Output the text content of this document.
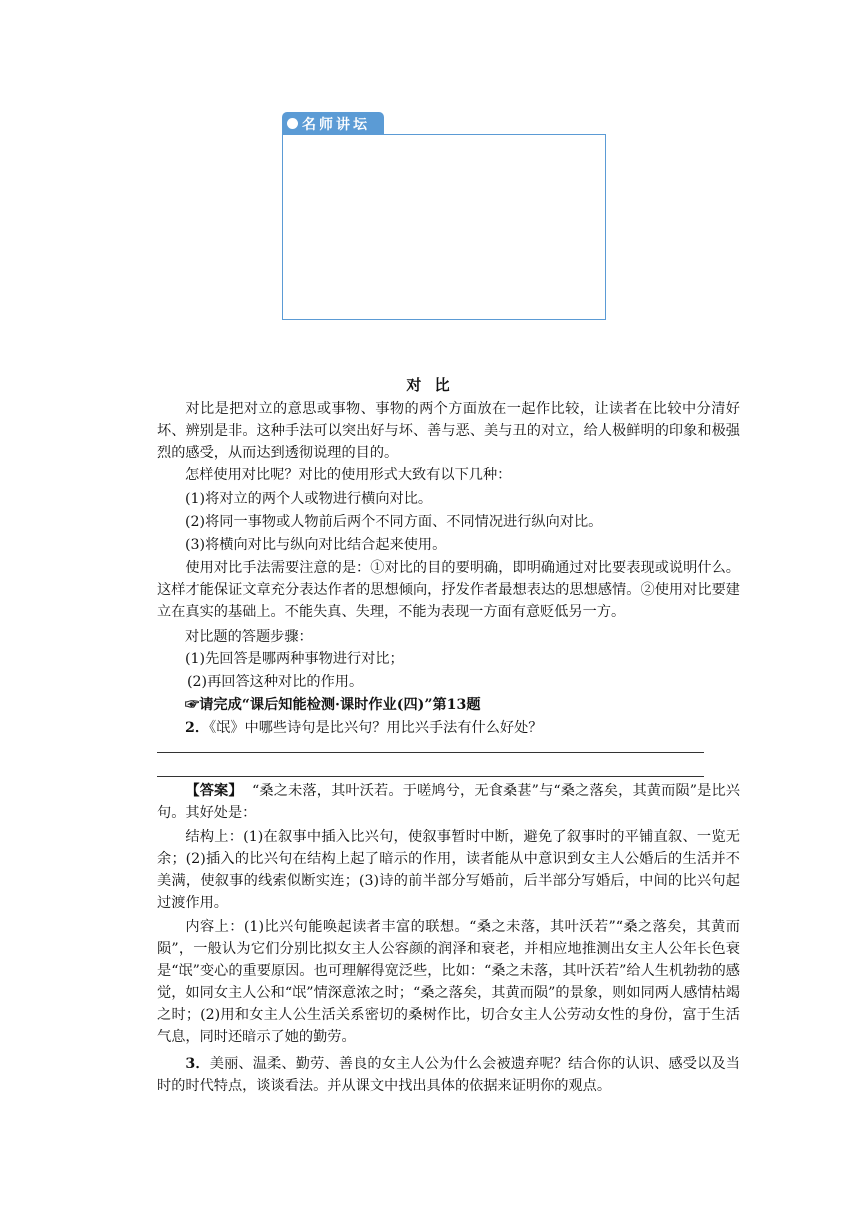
名师讲坛
对 比
对比是把对立的意思或事物、事物的两个方面放在一起作比较，让读者在比较中分清好坏、辨别是非。这种手法可以突出好与坏、善与恶、美与丑的对立，给人极鲜明的印象和极强烈的感受，从而达到透彻说理的目的。
怎样使用对比呢？对比的使用形式大致有以下几种：
(1)将对立的两个人或物进行横向对比。
(2)将同一事物或人物前后两个不同方面、不同情况进行纵向对比。
(3)将横向对比与纵向对比结合起来使用。
使用对比手法需要注意的是：①对比的目的要明确，即明确通过对比要表现或说明什么。这样才能保证文章充分表达作者的思想倾向，抒发作者最想表达的思想感情。②使用对比要建立在真实的基础上。不能失真、失理，不能为表现一方面有意贬低另一方。
对比题的答题步骤：
(1)先回答是哪两种事物进行对比；
(2)再回答这种对比的作用。
☞请完成“课后知能检测·课时作业(四)”第13题
2．《氓》中哪些诗句是比兴句？用比兴手法有什么好处？
【答案】 “桑之未落，其叶沃若。于嗟鸠兮，无食桑葚”与“桑之落矣，其黄而陨”是比兴句。其好处是：
结构上：(1)在叙事中插入比兴句，使叙事暂时中断，避免了叙事时的平铺直叙、一览无余；(2)插入的比兴句在结构上起了暗示的作用，读者能从中意识到女主人公婚后的生活并不美满，使叙事的线索似断实连；(3)诗的前半部分写婚前，后半部分写婚后，中间的比兴句起过渡作用。
内容上：(1)比兴句能唤起读者丰富的联想。“桑之未落，其叶沃若”“桑之落矣，其黄而陨”，一般认为它们分别比拟女主人公容颜的润泽和衰老，并相应地推测出女主人公年长色衰是“氓”变心的重要原因。也可理解得宽泛些，比如：“桑之未落，其叶沃若”给人生机勃勃的感觉，如同女主人公和“氓”情深意浓之时；“桑之落矣，其黄而陨”的景象，则如同两人感情枯竭之时；(2)用和女主人公生活关系密切的桑树作比，切合女主人公劳动女性的身份，富于生活气息，同时还暗示了她的勤劳。
3．美丽、温柔、勤劳、善良的女主人公为什么会被遗弃呢？结合你的认识、感受以及当时的时代特点，谈谈看法。并从课文中找出具体的依据来证明你的观点。
